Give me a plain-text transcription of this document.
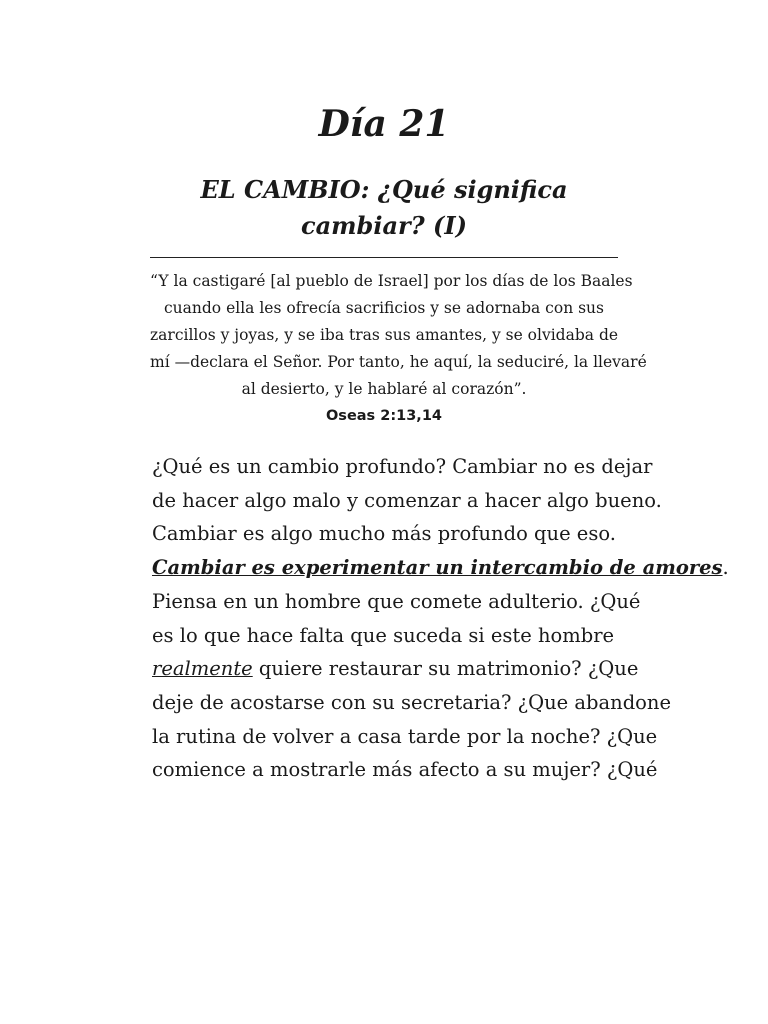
Día 21
EL CAMBIO: ¿Qué significa
cambiar? (I)
“Y la castigaré [al pueblo de Israel] por los días de los Baales
cuando ella les ofrecía sacrificios y se adornaba con sus
zarcillos y joyas, y se iba tras sus amantes, y se olvidaba de
mí —declara el Señor. Por tanto, he aquí, la seduciré, la llevaré
al desierto, y le hablaré al corazón”.
Oseas 2:13,14
¿Qué es un cambio profundo? Cambiar no es dejar
de hacer algo malo y comenzar a hacer algo bueno.
Cambiar es algo mucho más profundo que eso.
Cambiar es experimentar un intercambio de amores.
Piensa en un hombre que comete adulterio. ¿Qué
es lo que hace falta que suceda si este hombre
realmente quiere restaurar su matrimonio? ¿Que
deje de acostarse con su secretaria? ¿Que abandone
la rutina de volver a casa tarde por la noche? ¿Que
comience a mostrarle más afecto a su mujer? ¿Qué
